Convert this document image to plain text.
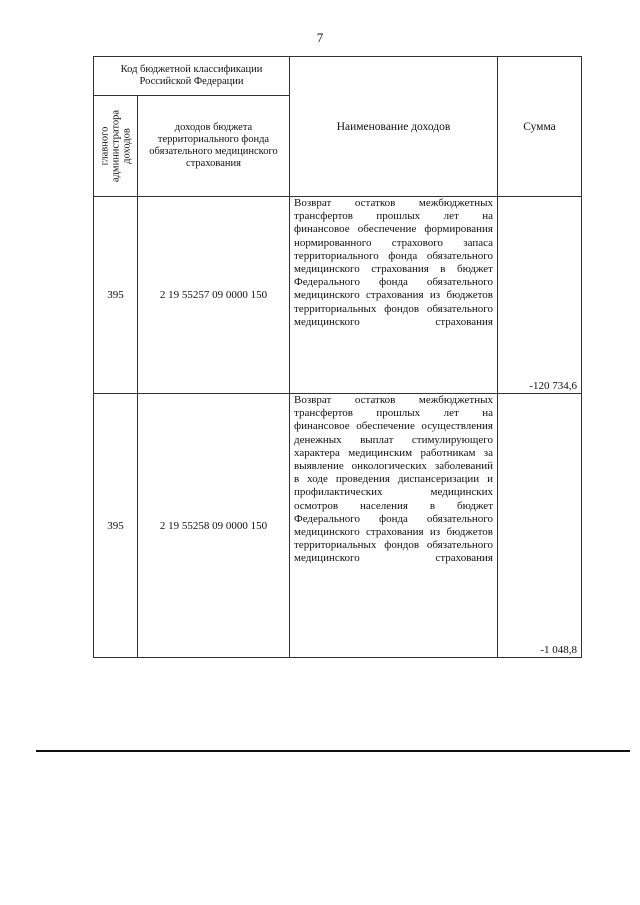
7
Код бюджетной классификации Российской Федерации		Наименование доходов	Сумма

главного администратора доходов	доходов бюджета территориального фонда обязательного медицинского страхования		
395	2 19 55257 09 0000 150	Возврат остатков межбюджетных трансфертов прошлых лет на финансовое обеспечение формирования нормированного страхового запаса территориального фонда обязательного медицинского страхования в бюджет Федерального фонда обязательного медицинского страхования из бюджетов территориальных фондов обязательного медицинского страхования	-120 734,6
395	2 19 55258 09 0000 150	Возврат остатков межбюджетных трансфертов прошлых лет на финансовое обеспечение осуществления денежных выплат стимулирующего характера медицинским работникам за выявление онкологических заболеваний в ходе проведения диспансеризации и профилактических медицинских осмотров населения в бюджет Федерального фонда обязательного медицинского страхования из бюджетов территориальных фондов обязательного медицинского страхования	-1 048,8
